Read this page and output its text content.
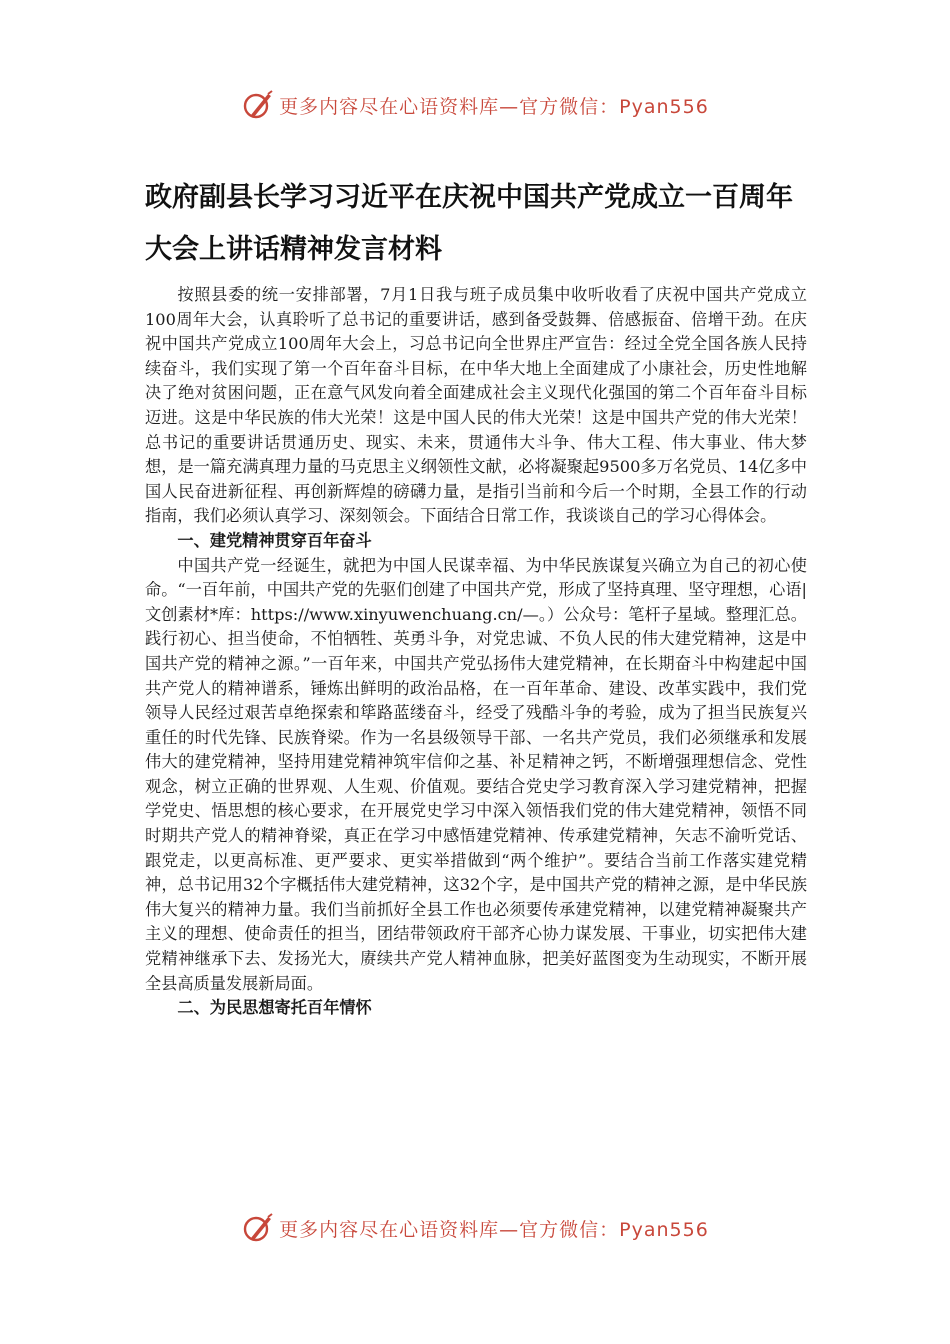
更多内容尽在心语资料库—官方微信：Pyan556
政府副县长学习习近平在庆祝中国共产党成立一百周年大会上讲话精神发言材料

按照县委的统一安排部署，7月1日我与班子成员集中收听收看了庆祝中国共产党成立100周年大会，认真聆听了总书记的重要讲话，感到备受鼓舞、倍感振奋、倍增干劲。在庆祝中国共产党成立100周年大会上，习总书记向全世界庄严宣告：经过全党全国各族人民持续奋斗，我们实现了第一个百年奋斗目标，在中华大地上全面建成了小康社会，历史性地解决了绝对贫困问题，正在意气风发向着全面建成社会主义现代化强国的第二个百年奋斗目标迈进。这是中华民族的伟大光荣！这是中国人民的伟大光荣！这是中国共产党的伟大光荣！总书记的重要讲话贯通历史、现实、未来，贯通伟大斗争、伟大工程、伟大事业、伟大梦想，是一篇充满真理力量的马克思主义纲领性文献，必将凝聚起9500多万名党员、14亿多中国人民奋进新征程、再创新辉煌的磅礴力量，是指引当前和今后一个时期，全县工作的行动指南，我们必须认真学习、深刻领会。下面结合日常工作，我谈谈自己的学习心得体会。

一、建党精神贯穿百年奋斗

中国共产党一经诞生，就把为中国人民谋幸福、为中华民族谋复兴确立为自己的初心使命。“一百年前，中国共产党的先驱们创建了中国共产党，形成了坚持真理、坚守理想，心语|文创素材*库：https://www.xinyuwenchuang.cn/—。）公众号：笔杆子星域。整理汇总。践行初心、担当使命，不怕牺牲、英勇斗争，对党忠诚、不负人民的伟大建党精神，这是中国共产党的精神之源。”一百年来，中国共产党弘扬伟大建党精神，在长期奋斗中构建起中国共产党人的精神谱系，锤炼出鲜明的政治品格，在一百年革命、建设、改革实践中，我们党领导人民经过艰苦卓绝探索和筚路蓝缕奋斗，经受了残酷斗争的考验，成为了担当民族复兴重任的时代先锋、民族脊梁。作为一名县级领导干部、一名共产党员，我们必须继承和发展伟大的建党精神，坚持用建党精神筑牢信仰之基、补足精神之钙，不断增强理想信念、党性观念，树立正确的世界观、人生观、价值观。要结合党史学习教育深入学习建党精神，把握学党史、悟思想的核心要求，在开展党史学习中深入领悟我们党的伟大建党精神，领悟不同时期共产党人的精神脊梁，真正在学习中感悟建党精神、传承建党精神，矢志不渝听党话、跟党走，以更高标准、更严要求、更实举措做到“两个维护”。要结合当前工作落实建党精神，总书记用32个字概括伟大建党精神，这32个字，是中国共产党的精神之源，是中华民族伟大复兴的精神力量。我们当前抓好全县工作也必须要传承建党精神，以建党精神凝聚共产主义的理想、使命责任的担当，团结带领政府干部齐心协力谋发展、干事业，切实把伟大建党精神继承下去、发扬光大，赓续共产党人精神血脉，把美好蓝图变为生动现实，不断开展全县高质量发展新局面。

二、为民思想寄托百年情怀
更多内容尽在心语资料库—官方微信：Pyan556
